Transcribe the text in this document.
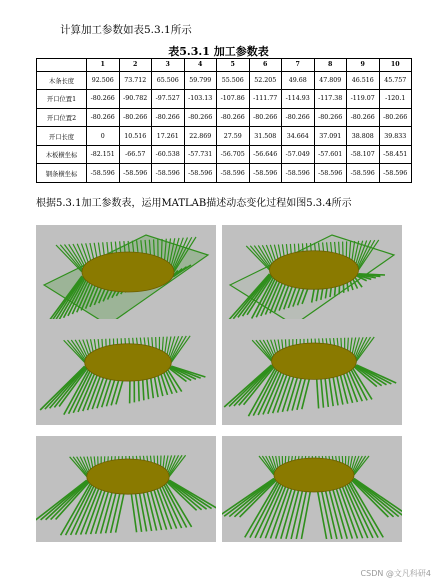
计算加工参数如表5.3.1所示
表5.3.1 加工参数表
	1	2	3	4	5	6	7	8	9	10
木条长度	92.506	73.712	65.506	59.799	55.506	52.205	49.68	47.809	46.516	45.757
开口位置1	-80.266	-90.782	-97.527	-103.13	-107.86	-111.77	-114.93	-117.38	-119.07	-120.1
开口位置2	-80.266	-80.266	-80.266	-80.266	-80.266	-80.266	-80.266	-80.266	-80.266	-80.266
开口长度	0	10.516	17.261	22.869	27.59	31.508	34.664	37.091	38.808	39.833
木板横坐标	-82.151	-66.57	-60.538	-57.731	-56.705	-56.646	-57.049	-57.601	-58.107	-58.451
钢条横坐标	-58.596	-58.596	-58.596	-58.596	-58.596	-58.596	-58.596	-58.596	-58.596	-58.596
根据5.3.1加工参数表，运用MATLAB描述动态变化过程如图5.3.4所示
CSDN @文凡科研4
